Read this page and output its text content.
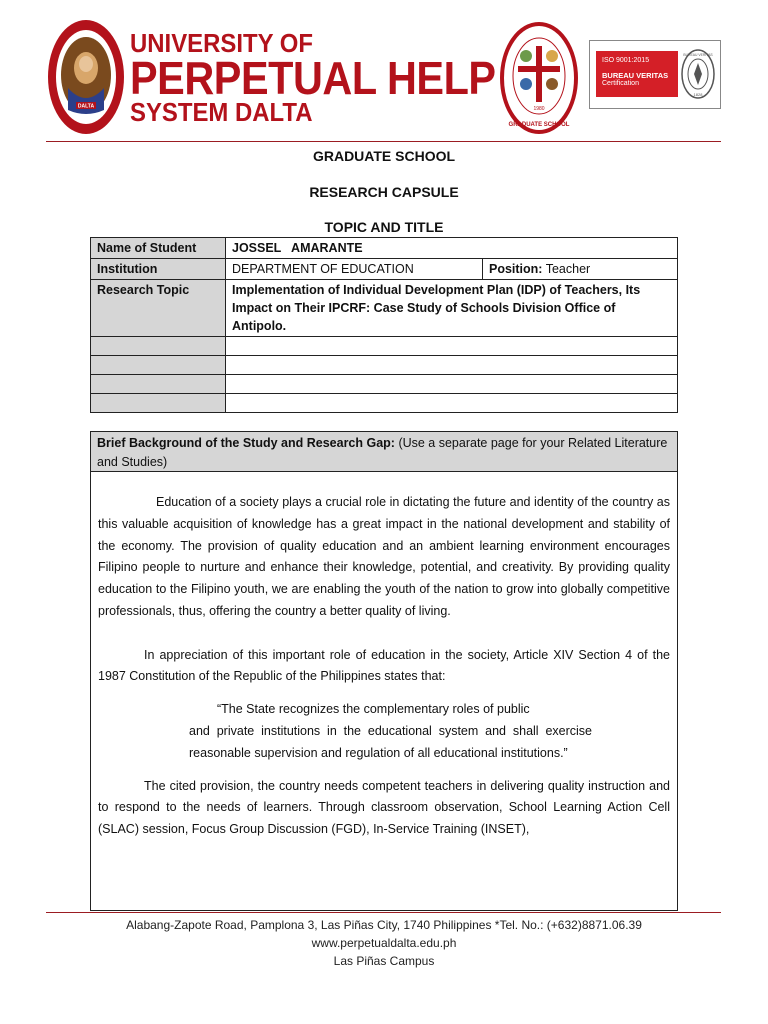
DALTA
UNIVERSITY OF
PERPETUAL HELP
SYSTEM DALTA	GRADUATE SCHOOL
1980
ISO 9001:2015
BUREAU VERITAS
Certification
BUREAU VERITAS
1828
GRADUATE SCHOOL
RESEARCH CAPSULE
TOPIC AND TITLE
Name of Student	JOSSEL   AMARANTE	
Institution	DEPARTMENT OF EDUCATION	Position: Teacher
Research Topic	Implementation of Individual Development Plan (IDP) of Teachers, Its Impact on Their IPCRF: Case Study of Schools Division Office of Antipolo.	

Brief Background of the Study and Research Gap: (Use a separate page for your Related Literature and Studies)

Education of a society plays a crucial role in dictating the future and identity of the country as this valuable acquisition of knowledge has a great impact in the national development and stability of the economy. The provision of quality education and an ambient learning environment encourages Filipino people to nurture and enhance their knowledge, potential, and creativity. By providing quality education to the Filipino youth, we are enabling the youth of the nation to grow into globally competitive professionals, thus, offering the country a better quality of living.

In appreciation of this important role of education in the society, Article XIV Section 4 of the 1987 Constitution of the Republic of the Philippines states that:

“The State recognizes the complementary roles of public
and private institutions in the educational system and shall exercise reasonable supervision and regulation of all educational institutions.”

The cited provision, the country needs competent teachers in delivering quality instruction and to respond to the needs of learners. Through classroom observation, School Learning Action Cell (SLAC) session, Focus Group Discussion (FGD), In-Service Training (INSET),

Alabang-Zapote Road, Pamplona 3, Las Piñas City, 1740 Philippines *Tel. No.: (+632)8871.06.39
www.perpetualdalta.edu.ph
Las Piñas Campus
